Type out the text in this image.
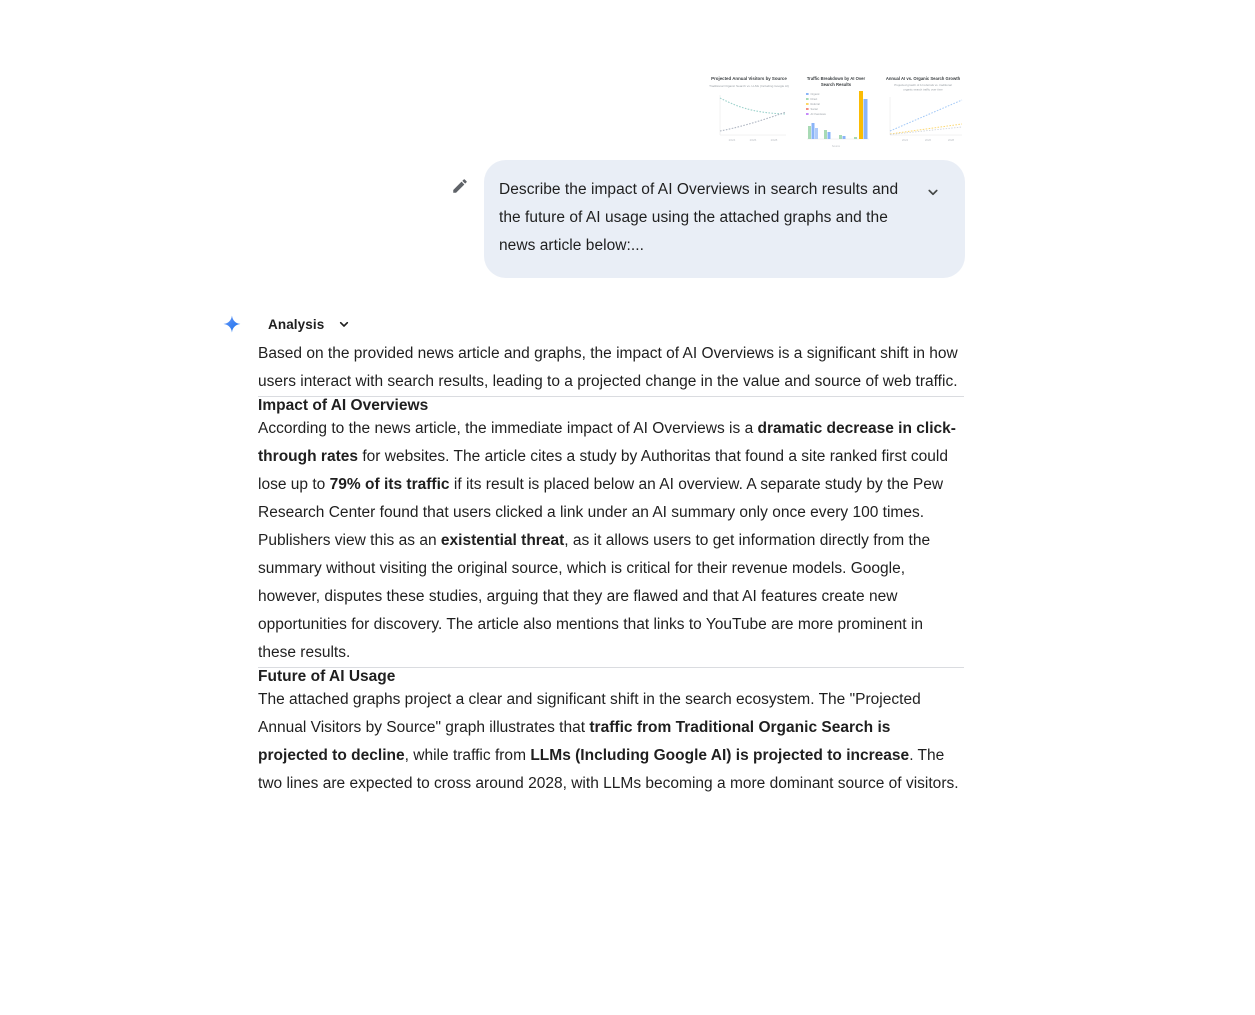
Projected Annual Visitors by Source
Traditional Organic Search vs. LLMs (Including Google AI)
2024	2026	2028
Traffic Breakdown by AI Over
Search Results
Organic
Direct
Referral
Social
AI Overviews
Source
Annual AI vs. Organic Search Growth
Projected growth of AI referrals vs. traditional
organic search traffic over time
2024	2026	2028
Describe the impact of AI Overviews in search results and the future of AI usage using the attached graphs and the news article below:...
Analysis

Based on the provided news article and graphs, the impact of AI Overviews is a significant shift in how users interact with search results, leading to a projected change in the value and source of web traffic.

Impact of AI Overviews

According to the news article, the immediate impact of AI Overviews is a dramatic decrease in click-through rates for websites. The article cites a study by Authoritas that found a site ranked first could lose up to 79% of its traffic if its result is placed below an AI overview. A separate study by the Pew Research Center found that users clicked a link under an AI summary only once every 100 times. Publishers view this as an existential threat, as it allows users to get information directly from the summary without visiting the original source, which is critical for their revenue models. Google, however, disputes these studies, arguing that they are flawed and that AI features create new opportunities for discovery. The article also mentions that links to YouTube are more prominent in these results.

Future of AI Usage

The attached graphs project a clear and significant shift in the search ecosystem. The "Projected Annual Visitors by Source" graph illustrates that traffic from Traditional Organic Search is projected to decline, while traffic from LLMs (Including Google AI) is projected to increase. The two lines are expected to cross around 2028, with LLMs becoming a more dominant source of visitors.
